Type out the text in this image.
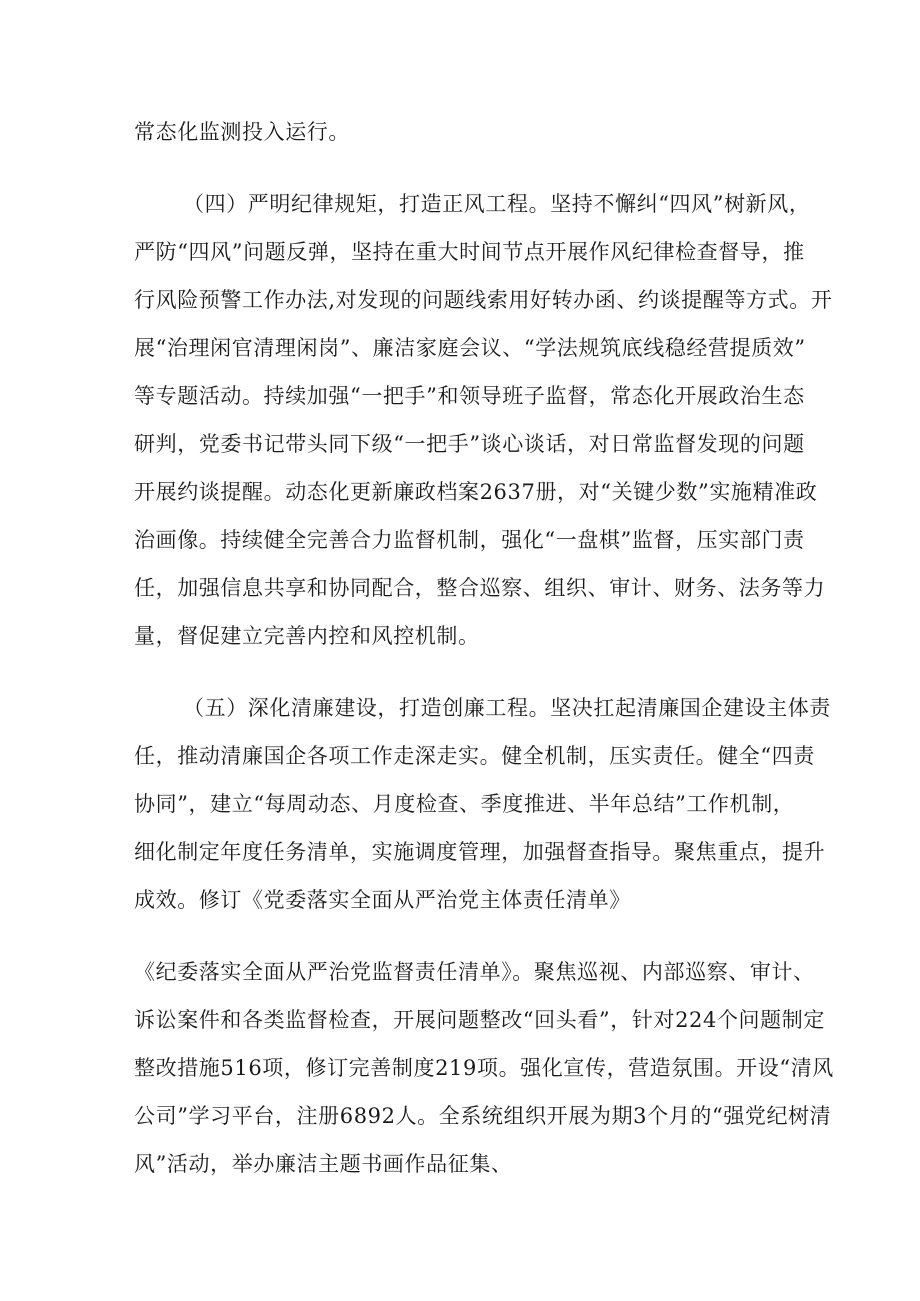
常态化监测投入运行。
（四）严明纪律规矩，打造正风工程。坚持不懈纠“四风”树新风，
严防“四风”问题反弹，坚持在重大时间节点开展作风纪律检查督导，推
行风险预警工作办法,对发现的问题线索用好转办函、约谈提醒等方式。开
展“治理闲官清理闲岗”、廉洁家庭会议、“学法规筑底线稳经营提质效”
等专题活动。持续加强“一把手”和领导班子监督，常态化开展政治生态
研判，党委书记带头同下级“一把手”谈心谈话，对日常监督发现的问题
开展约谈提醒。动态化更新廉政档案2637册，对“关键少数”实施精准政
治画像。持续健全完善合力监督机制，强化“一盘棋”监督，压实部门责
任，加强信息共享和协同配合，整合巡察、组织、审计、财务、法务等力
量，督促建立完善内控和风控机制。
（五）深化清廉建设，打造创廉工程。坚决扛起清廉国企建设主体责
任，推动清廉国企各项工作走深走实。健全机制，压实责任。健全“四责
协同”，建立“每周动态、月度检查、季度推进、半年总结”工作机制，
细化制定年度任务清单，实施调度管理，加强督查指导。聚焦重点，提升
成效。修订《党委落实全面从严治党主体责任清单》
《纪委落实全面从严治党监督责任清单》。聚焦巡视、内部巡察、审计、
诉讼案件和各类监督检查，开展问题整改“回头看”，针对224个问题制定
整改措施516项，修订完善制度219项。强化宣传，营造氛围。开设“清风
公司”学习平台，注册6892人。全系统组织开展为期3个月的“强党纪树清
风”活动，举办廉洁主题书画作品征集、
